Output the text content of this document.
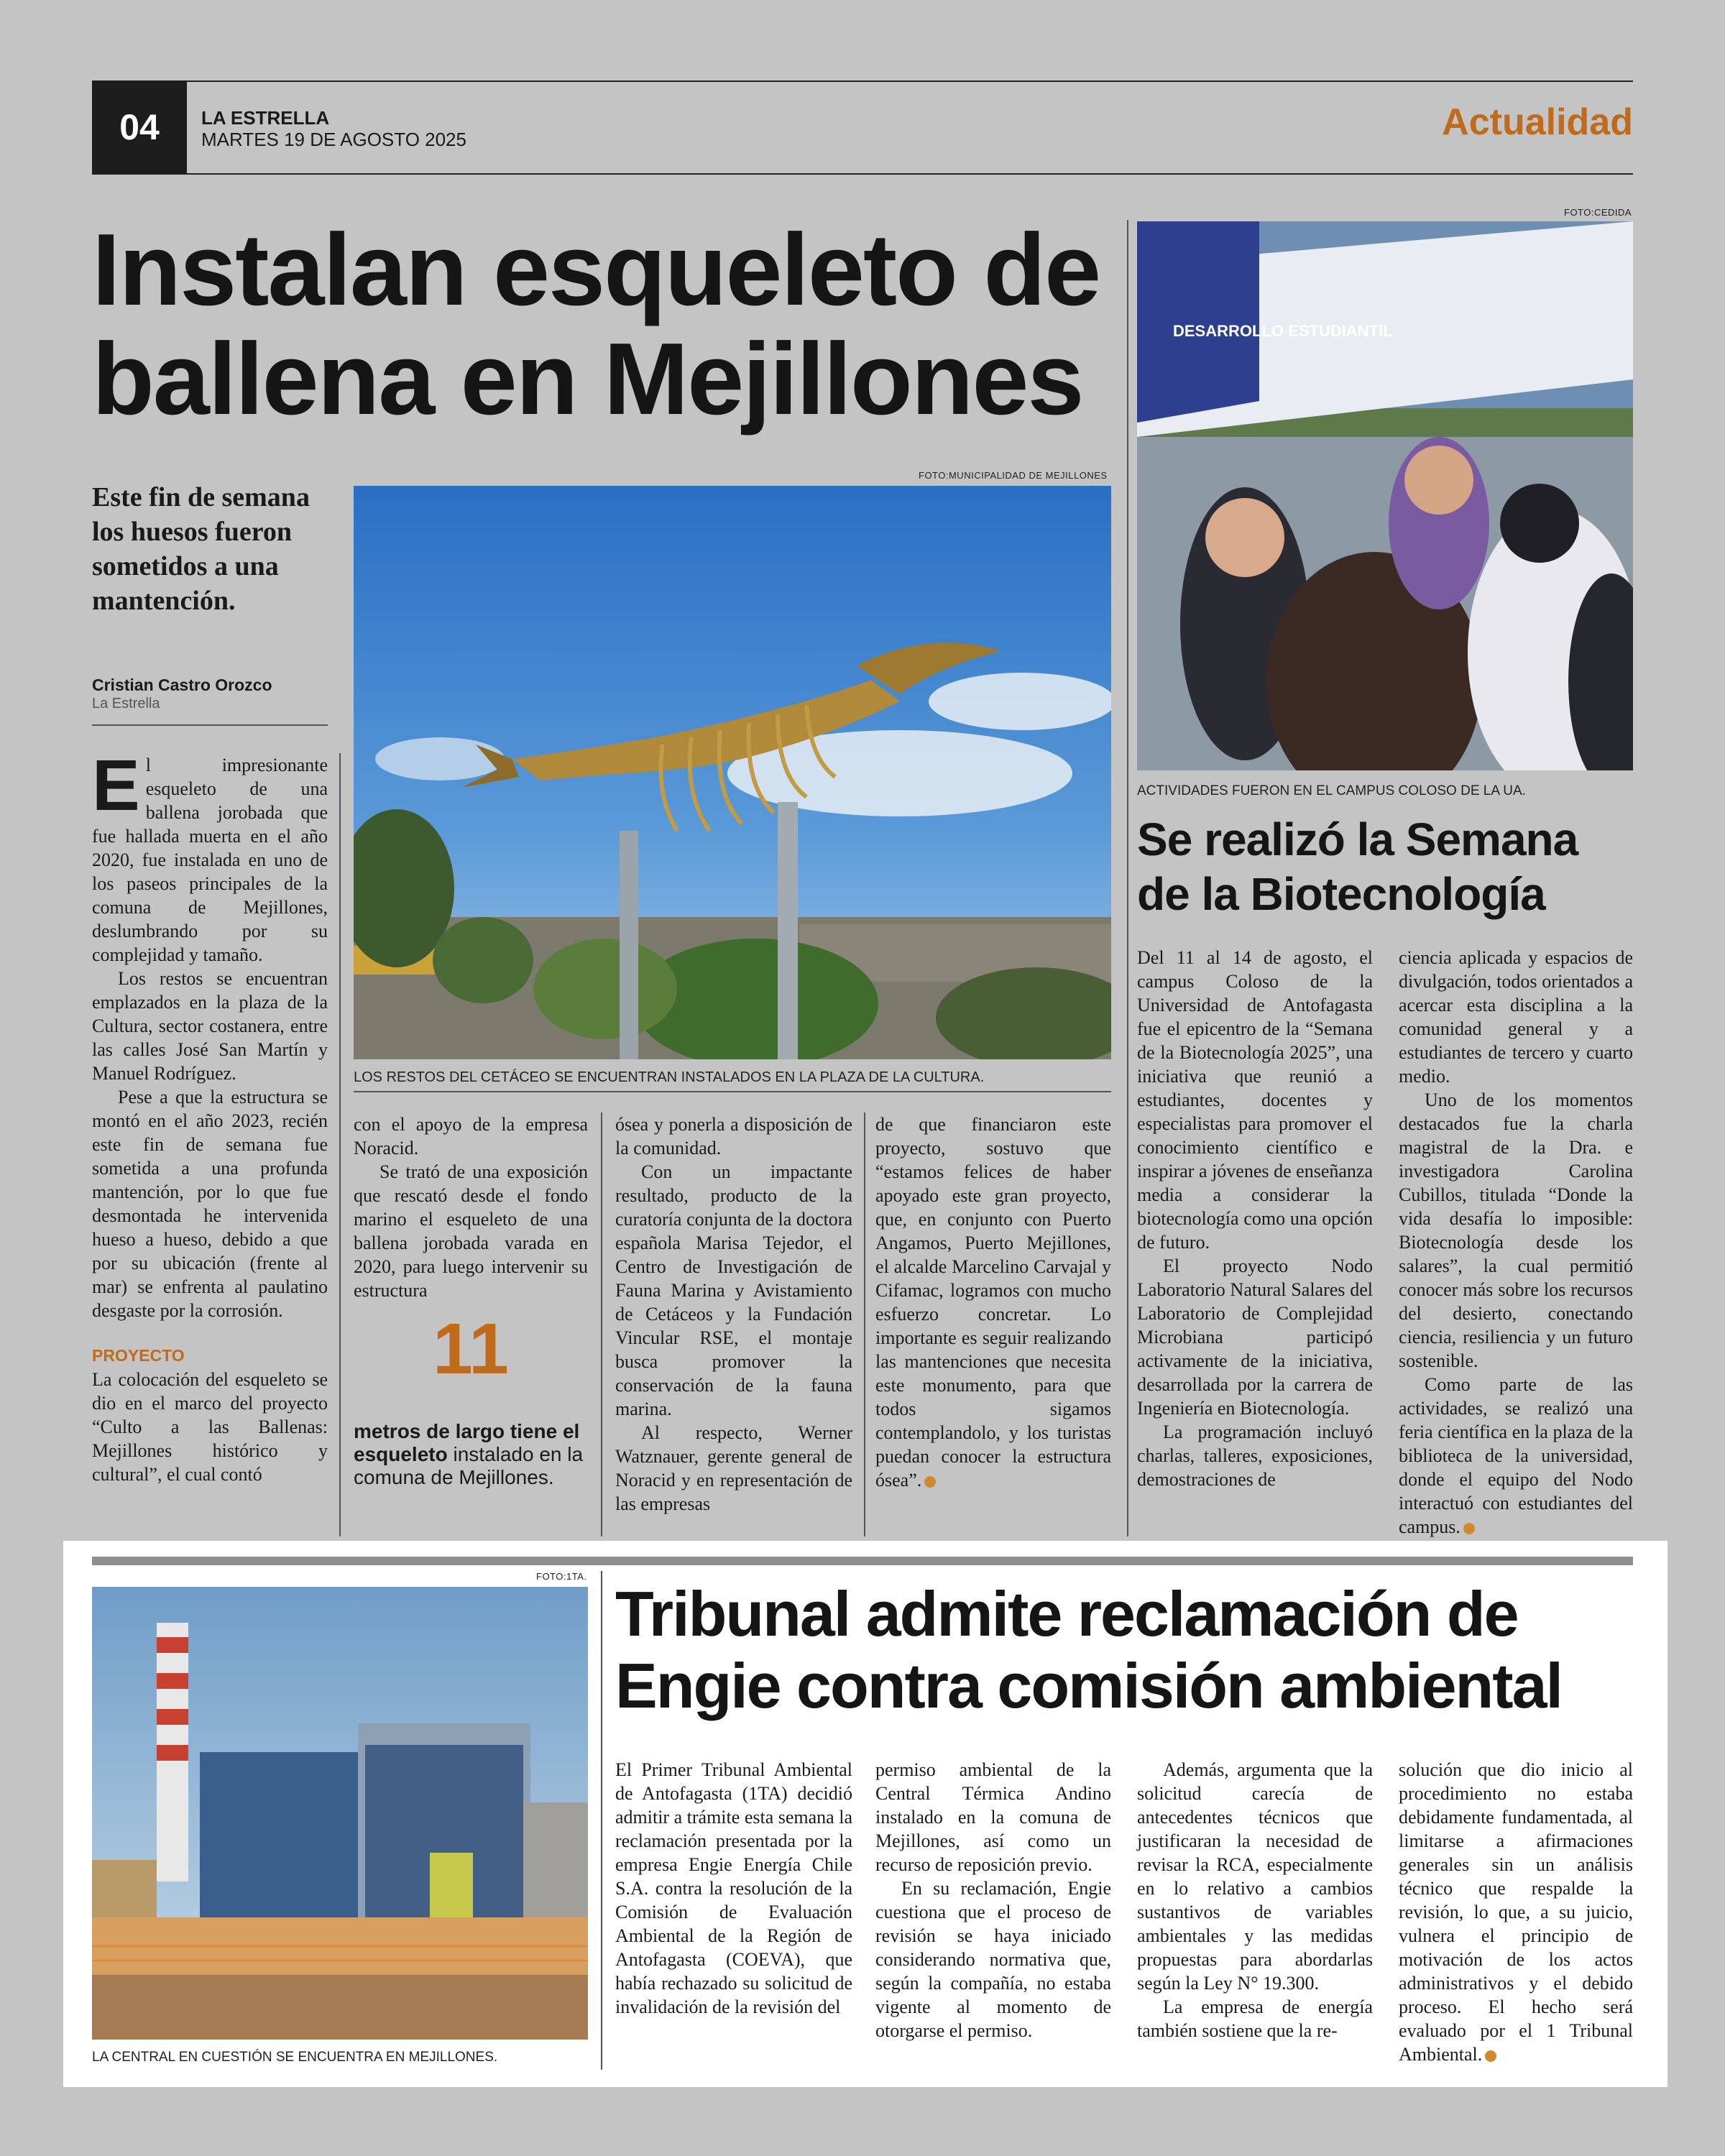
04	LA ESTRELLA
MARTES 19 DE AGOSTO 2025	Actualidad
Instalan esqueleto de
ballena en Mejillones
Este fin de semana los huesos fueron sometidos a una mantención.
Cristian Castro Orozco
La Estrella
FOTO:MUNICIPALIDAD DE MEJILLONES
LOS RESTOS DEL CETÁCEO SE ENCUENTRAN INSTALADOS EN LA PLAZA DE LA CULTURA.

El impresionante esqueleto de una ballena jorobada que fue hallada muerta en el año 2020, fue instalada en uno de los paseos principales de la comuna de Mejillones, deslumbrando por su complejidad y tamaño.

Los restos se encuentran emplazados en la plaza de la Cultura, sector costanera, entre las calles José San Martín y Manuel Rodríguez.

Pese a que la estructura se montó en el año 2023, recién este fin de semana fue sometida a una profunda mantención, por lo que fue desmontada he intervenida hueso a hueso, debido a que por su ubicación (frente al mar) se enfrenta al paulatino desgaste por la corrosión.

PROYECTO

La colocación del esqueleto se dio en el marco del proyecto “Culto a las Ballenas: Mejillones histórico y cultural”, el cual contó

con el apoyo de la empresa Noracid.

Se trató de una exposición que rescató desde el fondo marino el esqueleto de una ballena jorobada varada en 2020, para luego intervenir su estructura

11
metros de largo tiene el esqueleto instalado en la comuna de Mejillones.

ósea y ponerla a disposición de la comunidad.

Con un impactante resultado, producto de la curatoría conjunta de la doctora española Marisa Tejedor, el Centro de Investigación de Fauna Marina y Avistamiento de Cetáceos y la Fundación Vincular RSE, el montaje busca promover la conservación de la fauna marina.

Al respecto, Werner Watznauer, gerente general de Noracid y en representación de las empresas

de que financiaron este proyecto, sostuvo que “estamos felices de haber apoyado este gran proyecto, que, en conjunto con Puerto Angamos, Puerto Mejillones, el alcalde Marcelino Carvajal y Cifamac, logramos con mucho esfuerzo concretar. Lo importante es seguir realizando las mantenciones que necesita este monumento, para que todos sigamos contemplandolo, y los turistas puedan conocer la estructura ósea”.

FOTO:CEDIDA
DESARROLLO ESTUDIANTIL
ACTIVIDADES FUERON EN EL CAMPUS COLOSO DE LA UA.
Se realizó la Semana
de la Biotecnología

Del 11 al 14 de agosto, el campus Coloso de la Universidad de Antofagasta fue el epicentro de la “Semana de la Biotecnología 2025”, una iniciativa que reunió a estudiantes, docentes y especialistas para promover el conocimiento científico e inspirar a jóvenes de enseñanza media a considerar la biotecnología como una opción de futuro.

El proyecto Nodo Laboratorio Natural Salares del Laboratorio de Complejidad Microbiana participó activamente de la iniciativa, desarrollada por la carrera de Ingeniería en Biotecnología.

La programación incluyó charlas, talleres, exposiciones, demostraciones de

ciencia aplicada y espacios de divulgación, todos orientados a acercar esta disciplina a la comunidad general y a estudiantes de tercero y cuarto medio.

Uno de los momentos destacados fue la charla magistral de la Dra. e investigadora Carolina Cubillos, titulada “Donde la vida desafía lo imposible: Biotecnología desde los salares”, la cual permitió conocer más sobre los recursos del desierto, conectando ciencia, resiliencia y un futuro sostenible.

Como parte de las actividades, se realizó una feria científica en la plaza de la biblioteca de la universidad, donde el equipo del Nodo interactuó con estudiantes del campus.

FOTO:1TA.
LA CENTRAL EN CUESTIÓN SE ENCUENTRA EN MEJILLONES.
Tribunal admite reclamación de
Engie contra comisión ambiental

El Primer Tribunal Ambiental de Antofagasta (1TA) decidió admitir a trámite esta semana la reclamación presentada por la empresa Engie Energía Chile S.A. contra la resolución de la Comisión de Evaluación Ambiental de la Región de Antofagasta (COEVA), que había rechazado su solicitud de invalidación de la revisión del

permiso ambiental de la Central Térmica Andino instalado en la comuna de Mejillones, así como un recurso de reposición previo.

En su reclamación, Engie cuestiona que el proceso de revisión se haya iniciado considerando normativa que, según la compañía, no estaba vigente al momento de otorgarse el permiso.

Además, argumenta que la solicitud carecía de antecedentes técnicos que justificaran la necesidad de revisar la RCA, especialmente en lo relativo a cambios sustantivos de variables ambientales y las medidas propuestas para abordarlas según la Ley N° 19.300.

La empresa de energía también sostiene que la re-

solución que dio inicio al procedimiento no estaba debidamente fundamentada, al limitarse a afirmaciones generales sin un análisis técnico que respalde la revisión, lo que, a su juicio, vulnera el principio de motivación de los actos administrativos y el debido proceso. El hecho será evaluado por el 1 Tribunal Ambiental.
